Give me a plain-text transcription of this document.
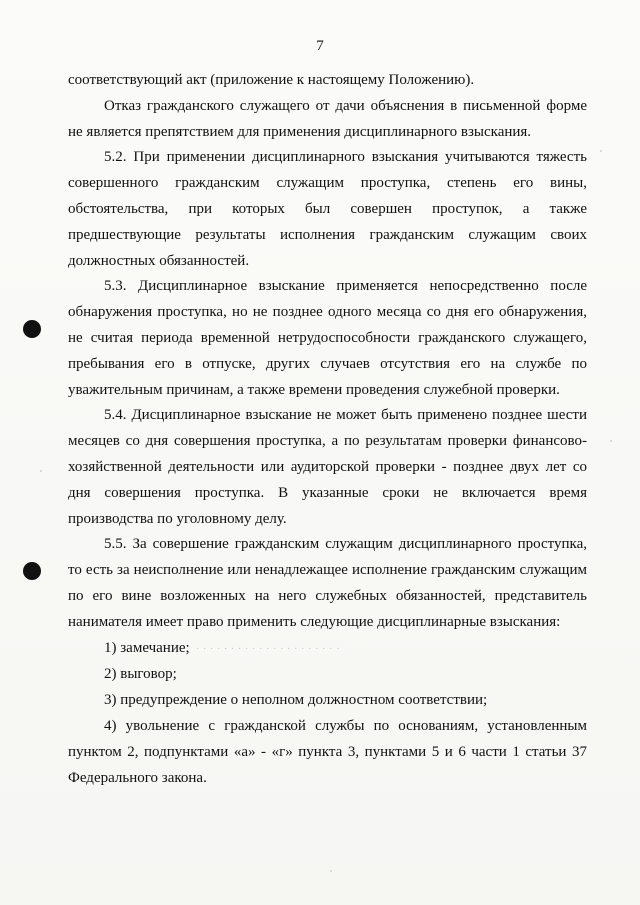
7

соответствующий акт (приложение к настоящему Положению).

Отказ гражданского служащего от дачи объяснения в письменной форме не является препятствием для применения дисциплинарного взыскания.

5.2. При применении дисциплинарного взыскания учитываются тяжесть совершенного гражданским служащим проступка, степень его вины, обстоятельства, при которых был совершен проступок, а также предшествующие результаты исполнения гражданским служащим своих должностных обязанностей.

5.3. Дисциплинарное взыскание применяется непосредственно после обнаружения проступка, но не позднее одного месяца со дня его обнаружения, не считая периода временной нетрудоспособности гражданского служащего, пребывания его в отпуске, других случаев отсутствия его на службе по уважительным причинам, а также времени проведения служебной проверки.

5.4. Дисциплинарное взыскание не может быть применено позднее шести месяцев со дня совершения проступка, а по результатам проверки финансово-хозяйственной деятельности или аудиторской проверки - позднее двух лет со дня совершения проступка. В указанные сроки не включается время производства по уголовному делу.

5.5. За совершение гражданским служащим дисциплинарного проступка, то есть за неисполнение или ненадлежащее исполнение гражданским служащим по его вине возложенных на него служебных обязанностей, представитель нанимателя имеет право применить следующие дисциплинарные взыскания:

1) замечание; · · · · · · · · · · · · · · · · · · · · ·

2) выговор;

3) предупреждение о неполном должностном соответствии;

4) увольнение с гражданской службы по основаниям, установленным пунктом 2, подпунктами «а» - «г» пункта 3, пунктами 5 и 6 части 1 статьи 37 Федерального закона.
